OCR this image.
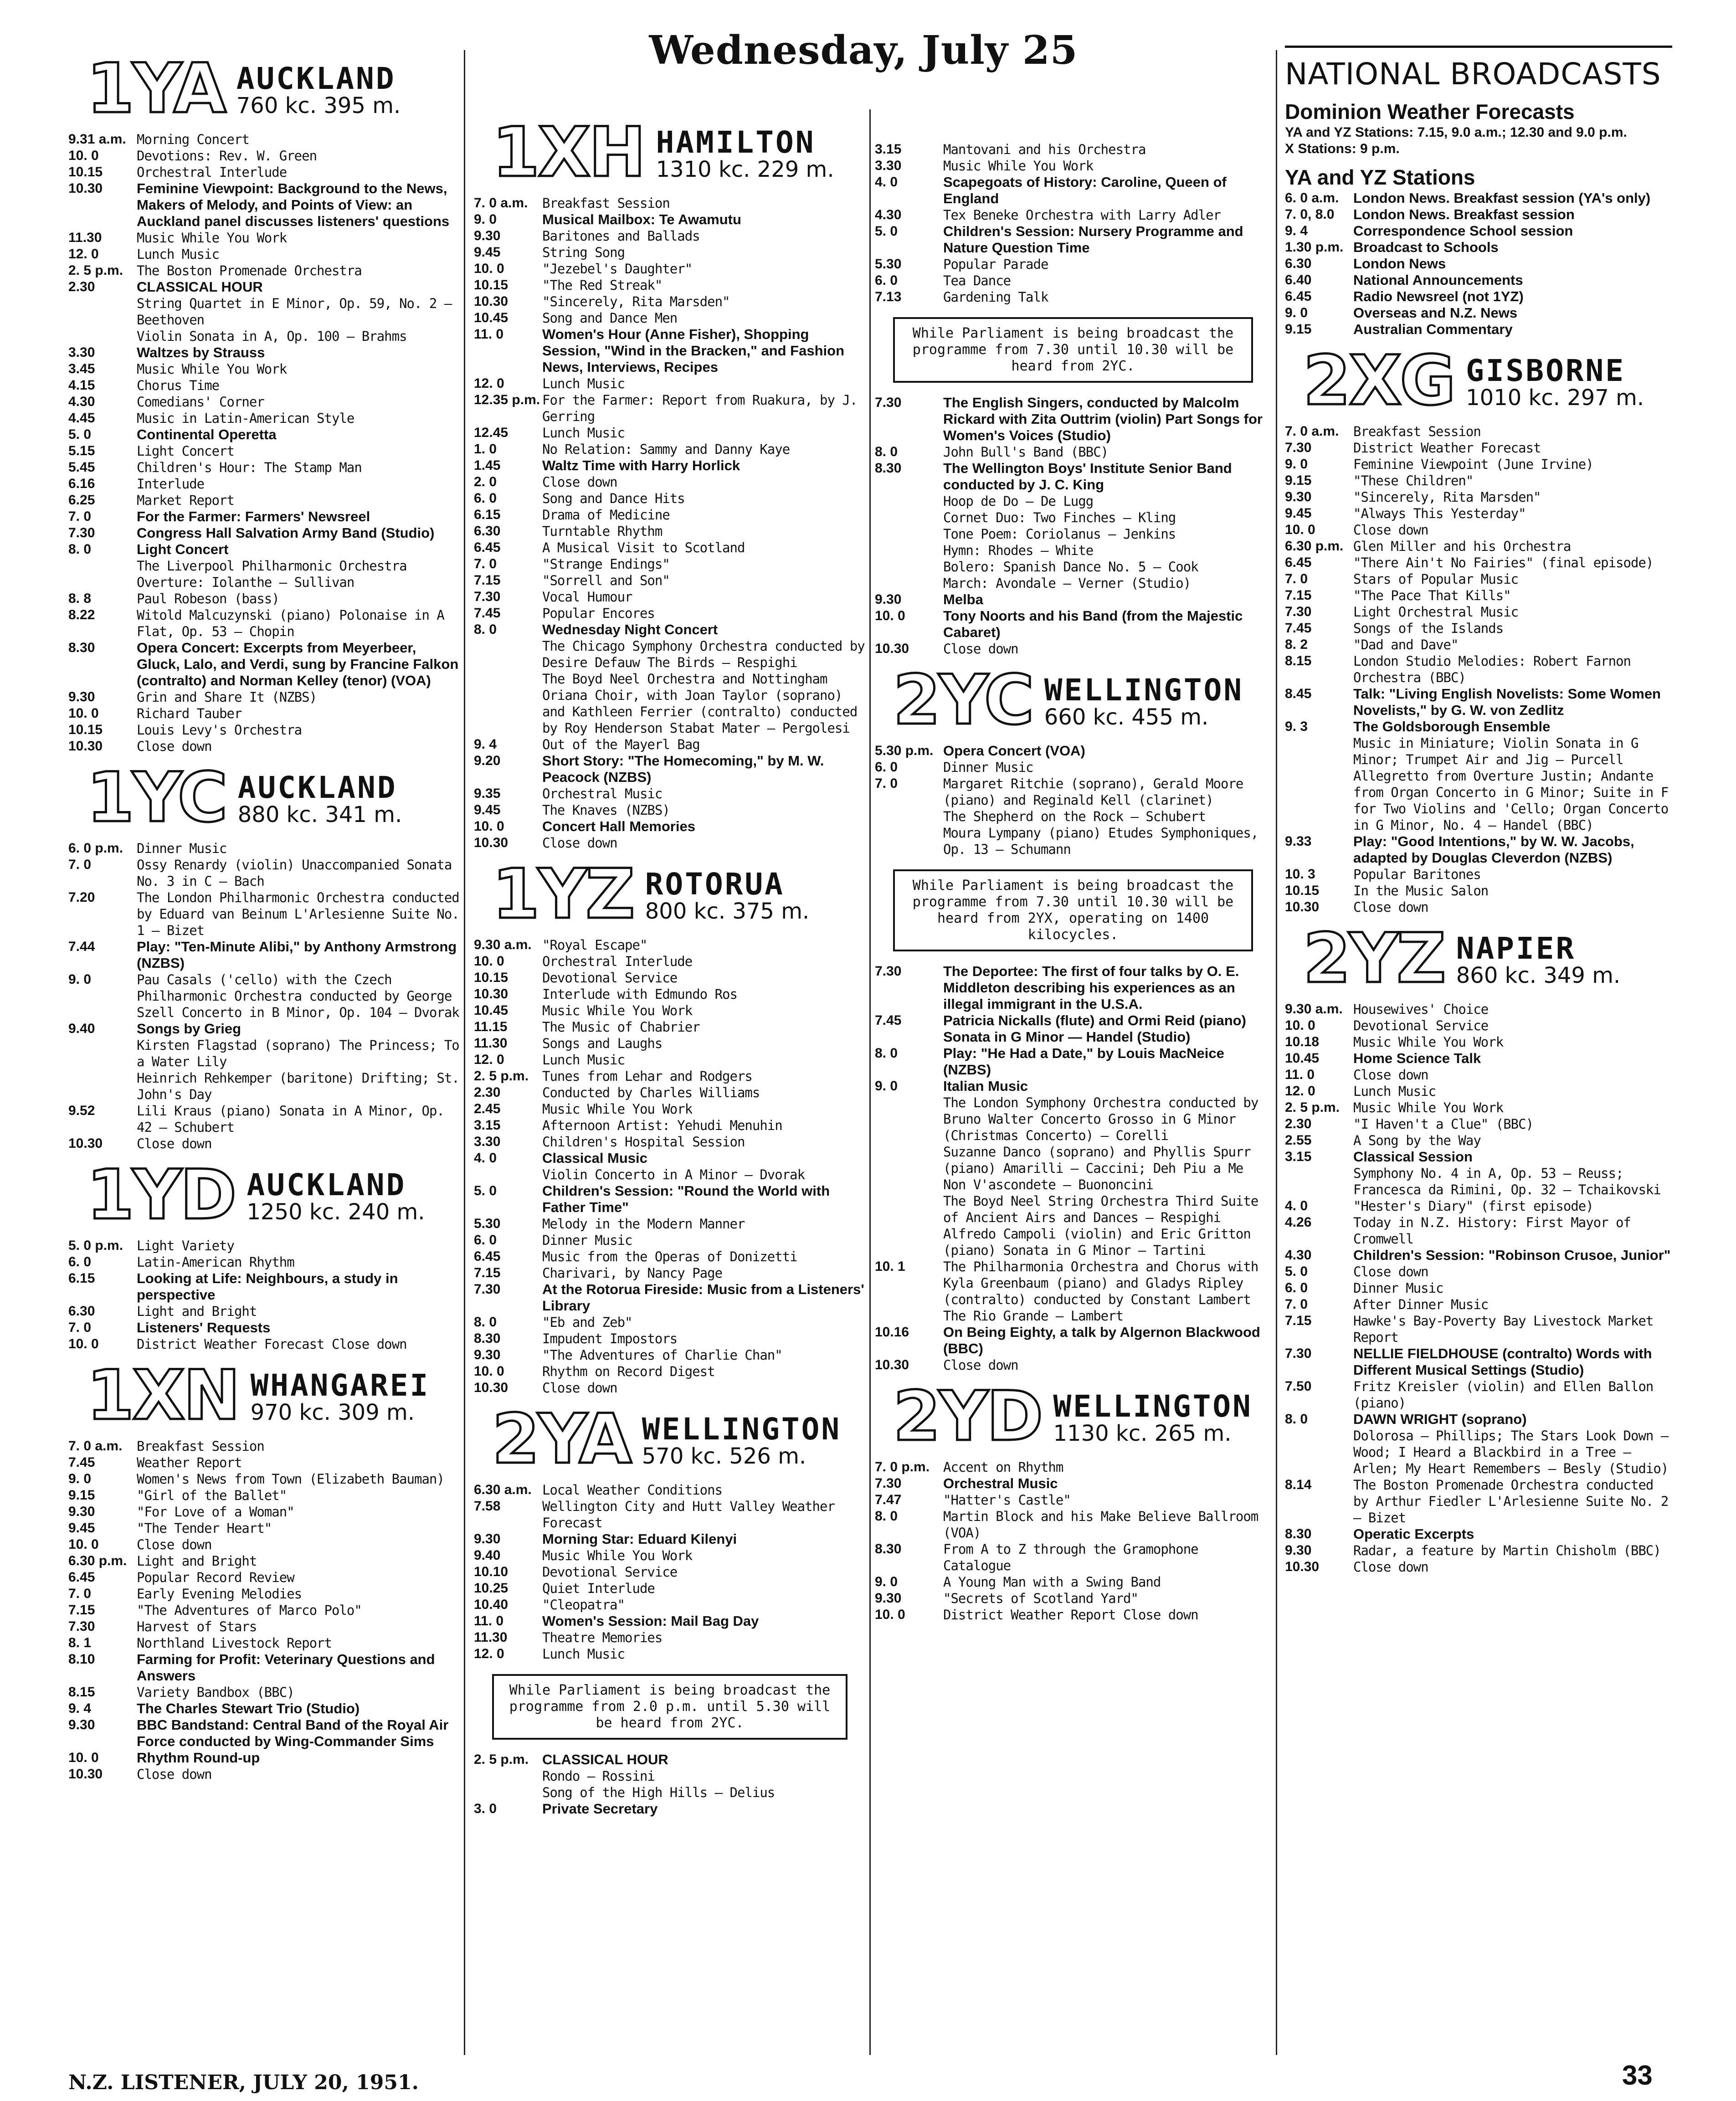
Wednesday, July 25
1YA AUCKLAND
760 kc. 395 m.
9.31 a.m. Morning Concert
10. 0	Devotions: Rev. W. Green
10.15	Orchestral Interlude
10.30	Feminine Viewpoint: Background to the News, Makers of Melody, and Points of View: an Auckland panel discusses listeners' questions
11.30	Music While You Work
12. 0	Lunch Music
2. 5 p.m.	The Boston Promenade Orchestra
2.30	CLASSICAL HOUR
String Quartet in E Minor, Op. 59, No. 2 — Beethoven
Violin Sonata in A, Op. 100 — Brahms
3.30	Waltzes by Strauss
3.45	Music While You Work
4.15	Chorus Time
4.30	Comedians' Corner
4.45	Music in Latin-American Style
5. 0	Continental Operetta
5.15	Light Concert
5.45	Children's Hour: The Stamp Man
6.16	Interlude
6.25	Market Report
7. 0	For the Farmer: Farmers' Newsreel
7.30	Congress Hall Salvation Army Band (Studio)
8. 0	Light Concert
The Liverpool Philharmonic Orchestra Overture: Iolanthe — Sullivan
8. 8	Paul Robeson (bass)
8.22	Witold Malcuzynski (piano) Polonaise in A Flat, Op. 53 — Chopin
8.30	Opera Concert: Excerpts from Meyerbeer, Gluck, Lalo, and Verdi, sung by Francine Falkon (contralto) and Norman Kelley (tenor) (VOA)
9.30	Grin and Share It (NZBS)
10. 0	Richard Tauber
10.15	Louis Levy's Orchestra
10.30	Close down
1YC AUCKLAND
880 kc. 341 m.
6. 0 p.m.	Dinner Music
7. 0	Ossy Renardy (violin) Unaccompanied Sonata No. 3 in C — Bach
7.20	The London Philharmonic Orchestra conducted by Eduard van Beinum L'Arlesienne Suite No. 1 — Bizet
7.44	Play: "Ten-Minute Alibi," by Anthony Armstrong (NZBS)
9. 0	Pau Casals ('cello) with the Czech Philharmonic Orchestra conducted by George Szell Concerto in B Minor, Op. 104 — Dvorak
9.40	Songs by Grieg
Kirsten Flagstad (soprano) The Princess; To a Water Lily
Heinrich Rehkemper (baritone) Drifting; St. John's Day
9.52	Lili Kraus (piano) Sonata in A Minor, Op. 42 — Schubert
10.30	Close down
1YD AUCKLAND
1250 kc. 240 m.
5. 0 p.m.	Light Variety
6. 0	Latin-American Rhythm
6.15	Looking at Life: Neighbours, a study in perspective
6.30	Light and Bright
7. 0	Listeners' Requests
10. 0	District Weather Forecast Close down
1XN WHANGAREI
970 kc. 309 m.
7. 0 a.m.	Breakfast Session
7.45	Weather Report
9. 0	Women's News from Town (Elizabeth Bauman)
9.15	"Girl of the Ballet"
9.30	"For Love of a Woman"
9.45	"The Tender Heart"
10. 0	Close down
6.30 p.m. Light and Bright
6.45	Popular Record Review
7. 0	Early Evening Melodies
7.15	"The Adventures of Marco Polo"
7.30	Harvest of Stars
8. 1	Northland Livestock Report
8.10	Farming for Profit: Veterinary Questions and Answers
8.15	Variety Bandbox (BBC)
9. 4	The Charles Stewart Trio (Studio)
9.30	BBC Bandstand: Central Band of the Royal Air Force conducted by Wing-Commander Sims
10. 0	Rhythm Round-up
10.30	Close down
1XH HAMILTON
1310 kc. 229 m.
7. 0 a.m.	Breakfast Session
9. 0	Musical Mailbox: Te Awamutu
9.30	Baritones and Ballads
9.45	String Song
10. 0	"Jezebel's Daughter"
10.15	"The Red Streak"
10.30	"Sincerely, Rita Marsden"
10.45	Song and Dance Men
11. 0	Women's Hour (Anne Fisher), Shopping Session, "Wind in the Bracken," and Fashion News, Interviews, Recipes
12. 0	Lunch Music
12.35 p.m. For the Farmer: Report from Ruakura, by J. Gerring
12.45	Lunch Music
1. 0	No Relation: Sammy and Danny Kaye
1.45	Waltz Time with Harry Horlick
2. 0	Close down
6. 0	Song and Dance Hits
6.15	Drama of Medicine
6.30	Turntable Rhythm
6.45	A Musical Visit to Scotland
7. 0	"Strange Endings"
7.15	"Sorrell and Son"
7.30	Vocal Humour
7.45	Popular Encores
8. 0	Wednesday Night Concert
The Chicago Symphony Orchestra conducted by Desire Defauw The Birds — Respighi
The Boyd Neel Orchestra and Nottingham Oriana Choir, with Joan Taylor (soprano) and Kathleen Ferrier (contralto) conducted by Roy Henderson Stabat Mater — Pergolesi
9. 4	Out of the Mayerl Bag
9.20	Short Story: "The Homecoming," by M. W. Peacock (NZBS)
9.35	Orchestral Music
9.45	The Knaves (NZBS)
10. 0	Concert Hall Memories
10.30	Close down
1YZ ROTORUA
800 kc. 375 m.
9.30 a.m. "Royal Escape"
10. 0	Orchestral Interlude
10.15	Devotional Service
10.30	Interlude with Edmundo Ros
10.45	Music While You Work
11.15	The Music of Chabrier
11.30	Songs and Laughs
12. 0	Lunch Music
2. 5 p.m.	Tunes from Lehar and Rodgers
2.30	Conducted by Charles Williams
2.45	Music While You Work
3.15	Afternoon Artist: Yehudi Menuhin
3.30	Children's Hospital Session
4. 0	Classical Music
Violin Concerto in A Minor — Dvorak
5. 0	Children's Session: "Round the World with Father Time"
5.30	Melody in the Modern Manner
6. 0	Dinner Music
6.45	Music from the Operas of Donizetti
7.15	Charivari, by Nancy Page
7.30	At the Rotorua Fireside: Music from a Listeners' Library
8. 0	"Eb and Zeb"
8.30	Impudent Impostors
9.30	"The Adventures of Charlie Chan"
10. 0	Rhythm on Record Digest
10.30	Close down
2YA WELLINGTON
570 kc. 526 m.
6.30 a.m. Local Weather Conditions
7.58	Wellington City and Hutt Valley Weather Forecast
9.30	Morning Star: Eduard Kilenyi
9.40	Music While You Work
10.10	Devotional Service
10.25	Quiet Interlude
10.40	"Cleopatra"
11. 0	Women's Session: Mail Bag Day
11.30	Theatre Memories
12. 0	Lunch Music
While Parliament is being broadcast the programme from 2.0 p.m. until 5.30 will be heard from 2YC.
2. 5 p.m. CLASSICAL HOUR
Rondo — Rossini
Song of the High Hills — Delius
3. 0	Private Secretary
3.15	Mantovani and his Orchestra
3.30	Music While You Work
4. 0	Scapegoats of History: Caroline, Queen of England
4.30	Tex Beneke Orchestra with Larry Adler
5. 0	Children's Session: Nursery Programme and Nature Question Time
5.30	Popular Parade
6. 0	Tea Dance
7.13	Gardening Talk
While Parliament is being broadcast the programme from 7.30 until 10.30 will be heard from 2YC.
7.30	The English Singers, conducted by Malcolm Rickard with Zita Outtrim (violin) Part Songs for Women's Voices (Studio)
8. 0	John Bull's Band (BBC)
8.30	The Wellington Boys' Institute Senior Band conducted by J. C. King
Hoop de Do — De Lugg
Cornet Duo: Two Finches — Kling
Tone Poem: Coriolanus — Jenkins
Hymn: Rhodes — White
Bolero: Spanish Dance No. 5 — Cook
March: Avondale — Verner (Studio)
9.30	Melba
10. 0	Tony Noorts and his Band (from the Majestic Cabaret)
10.30	Close down
2YC WELLINGTON
660 kc. 455 m.
5.30 p.m. Opera Concert (VOA)
6. 0	Dinner Music
7. 0	Margaret Ritchie (soprano), Gerald Moore (piano) and Reginald Kell (clarinet)
The Shepherd on the Rock — Schubert
Moura Lympany (piano) Etudes Symphoniques, Op. 13 — Schumann
While Parliament is being broadcast the programme from 7.30 until 10.30 will be heard from 2YX, operating on 1400 kilocycles.
7.30	The Deportee: The first of four talks by O. E. Middleton describing his experiences as an illegal immigrant in the U.S.A.
7.45	Patricia Nickalls (flute) and Ormi Reid (piano) Sonata in G Minor — Handel (Studio)
8. 0	Play: "He Had a Date," by Louis MacNeice (NZBS)
9. 0	Italian Music
The London Symphony Orchestra conducted by Bruno Walter Concerto Grosso in G Minor (Christmas Concerto) — Corelli
Suzanne Danco (soprano) and Phyllis Spurr (piano) Amarilli — Caccini; Deh Piu a Me Non V'ascondete — Buononcini
The Boyd Neel String Orchestra Third Suite of Ancient Airs and Dances — Respighi
Alfredo Campoli (violin) and Eric Gritton (piano) Sonata in G Minor — Tartini
10. 1	The Philharmonia Orchestra and Chorus with Kyla Greenbaum (piano) and Gladys Ripley (contralto) conducted by Constant Lambert The Rio Grande — Lambert
10.16	On Being Eighty, a talk by Algernon Blackwood (BBC)
10.30	Close down
2YD WELLINGTON
1130 kc. 265 m.
7. 0 p.m.	Accent on Rhythm
7.30	Orchestral Music
7.47	"Hatter's Castle"
8. 0	Martin Block and his Make Believe Ballroom (VOA)
8.30	From A to Z through the Gramophone Catalogue
9. 0	A Young Man with a Swing Band
9.30	"Secrets of Scotland Yard"
10. 0	District Weather Report Close down
NATIONAL BROADCASTS
Dominion Weather Forecasts
YA and YZ Stations: 7.15, 9.0 a.m.; 12.30 and 9.0 p.m.
X Stations: 9 p.m.
YA and YZ Stations
6. 0 a.m.	London News. Breakfast session (YA's only)
7. 0, 8.0	London News. Breakfast session
9. 4	Correspondence School session
1.30 p.m. Broadcast to Schools
6.30	London News
6.40	National Announcements
6.45	Radio Newsreel (not 1YZ)
9. 0	Overseas and N.Z. News
9.15	Australian Commentary
2XG GISBORNE
1010 kc. 297 m.
7. 0 a.m.	Breakfast Session
7.30	District Weather Forecast
9. 0	Feminine Viewpoint (June Irvine)
9.15	"These Children"
9.30	"Sincerely, Rita Marsden"
9.45	"Always This Yesterday"
10. 0	Close down
6.30 p.m. Glen Miller and his Orchestra
6.45	"There Ain't No Fairies" (final episode)
7. 0	Stars of Popular Music
7.15	"The Pace That Kills"
7.30	Light Orchestral Music
7.45	Songs of the Islands
8. 2	"Dad and Dave"
8.15	London Studio Melodies: Robert Farnon Orchestra (BBC)
8.45	Talk: "Living English Novelists: Some Women Novelists," by G. W. von Zedlitz
9. 3	The Goldsborough Ensemble
Music in Miniature; Violin Sonata in G Minor; Trumpet Air and Jig — Purcell
Allegretto from Overture Justin; Andante from Organ Concerto in G Minor; Suite in F for Two Violins and 'Cello; Organ Concerto in G Minor, No. 4 — Handel (BBC)
9.33	Play: "Good Intentions," by W. W. Jacobs, adapted by Douglas Cleverdon (NZBS)
10. 3	Popular Baritones
10.15	In the Music Salon
10.30	Close down
2YZ NAPIER
860 kc. 349 m.
9.30 a.m. Housewives' Choice
10. 0	Devotional Service
10.18	Music While You Work
10.45	Home Science Talk
11. 0	Close down
12. 0	Lunch Music
2. 5 p.m.	Music While You Work
2.30	"I Haven't a Clue" (BBC)
2.55	A Song by the Way
3.15	Classical Session
Symphony No. 4 in A, Op. 53 — Reuss; Francesca da Rimini, Op. 32 — Tchaikovski
4. 0	"Hester's Diary" (first episode)
4.26	Today in N.Z. History: First Mayor of Cromwell
4.30	Children's Session: "Robinson Crusoe, Junior"
5. 0	Close down
6. 0	Dinner Music
7. 0	After Dinner Music
7.15	Hawke's Bay-Poverty Bay Livestock Market Report
7.30	NELLIE FIELDHOUSE (contralto) Words with Different Musical Settings (Studio)
7.50	Fritz Kreisler (violin) and Ellen Ballon (piano)
8. 0	DAWN WRIGHT (soprano)
Dolorosa — Phillips; The Stars Look Down — Wood; I Heard a Blackbird in a Tree — Arlen; My Heart Remembers — Besly (Studio)
8.14	The Boston Promenade Orchestra conducted by Arthur Fiedler L'Arlesienne Suite No. 2 — Bizet
8.30	Operatic Excerpts
9.30	Radar, a feature by Martin Chisholm (BBC)
10.30	Close down
N.Z. LISTENER, JULY 20, 1951.	33
